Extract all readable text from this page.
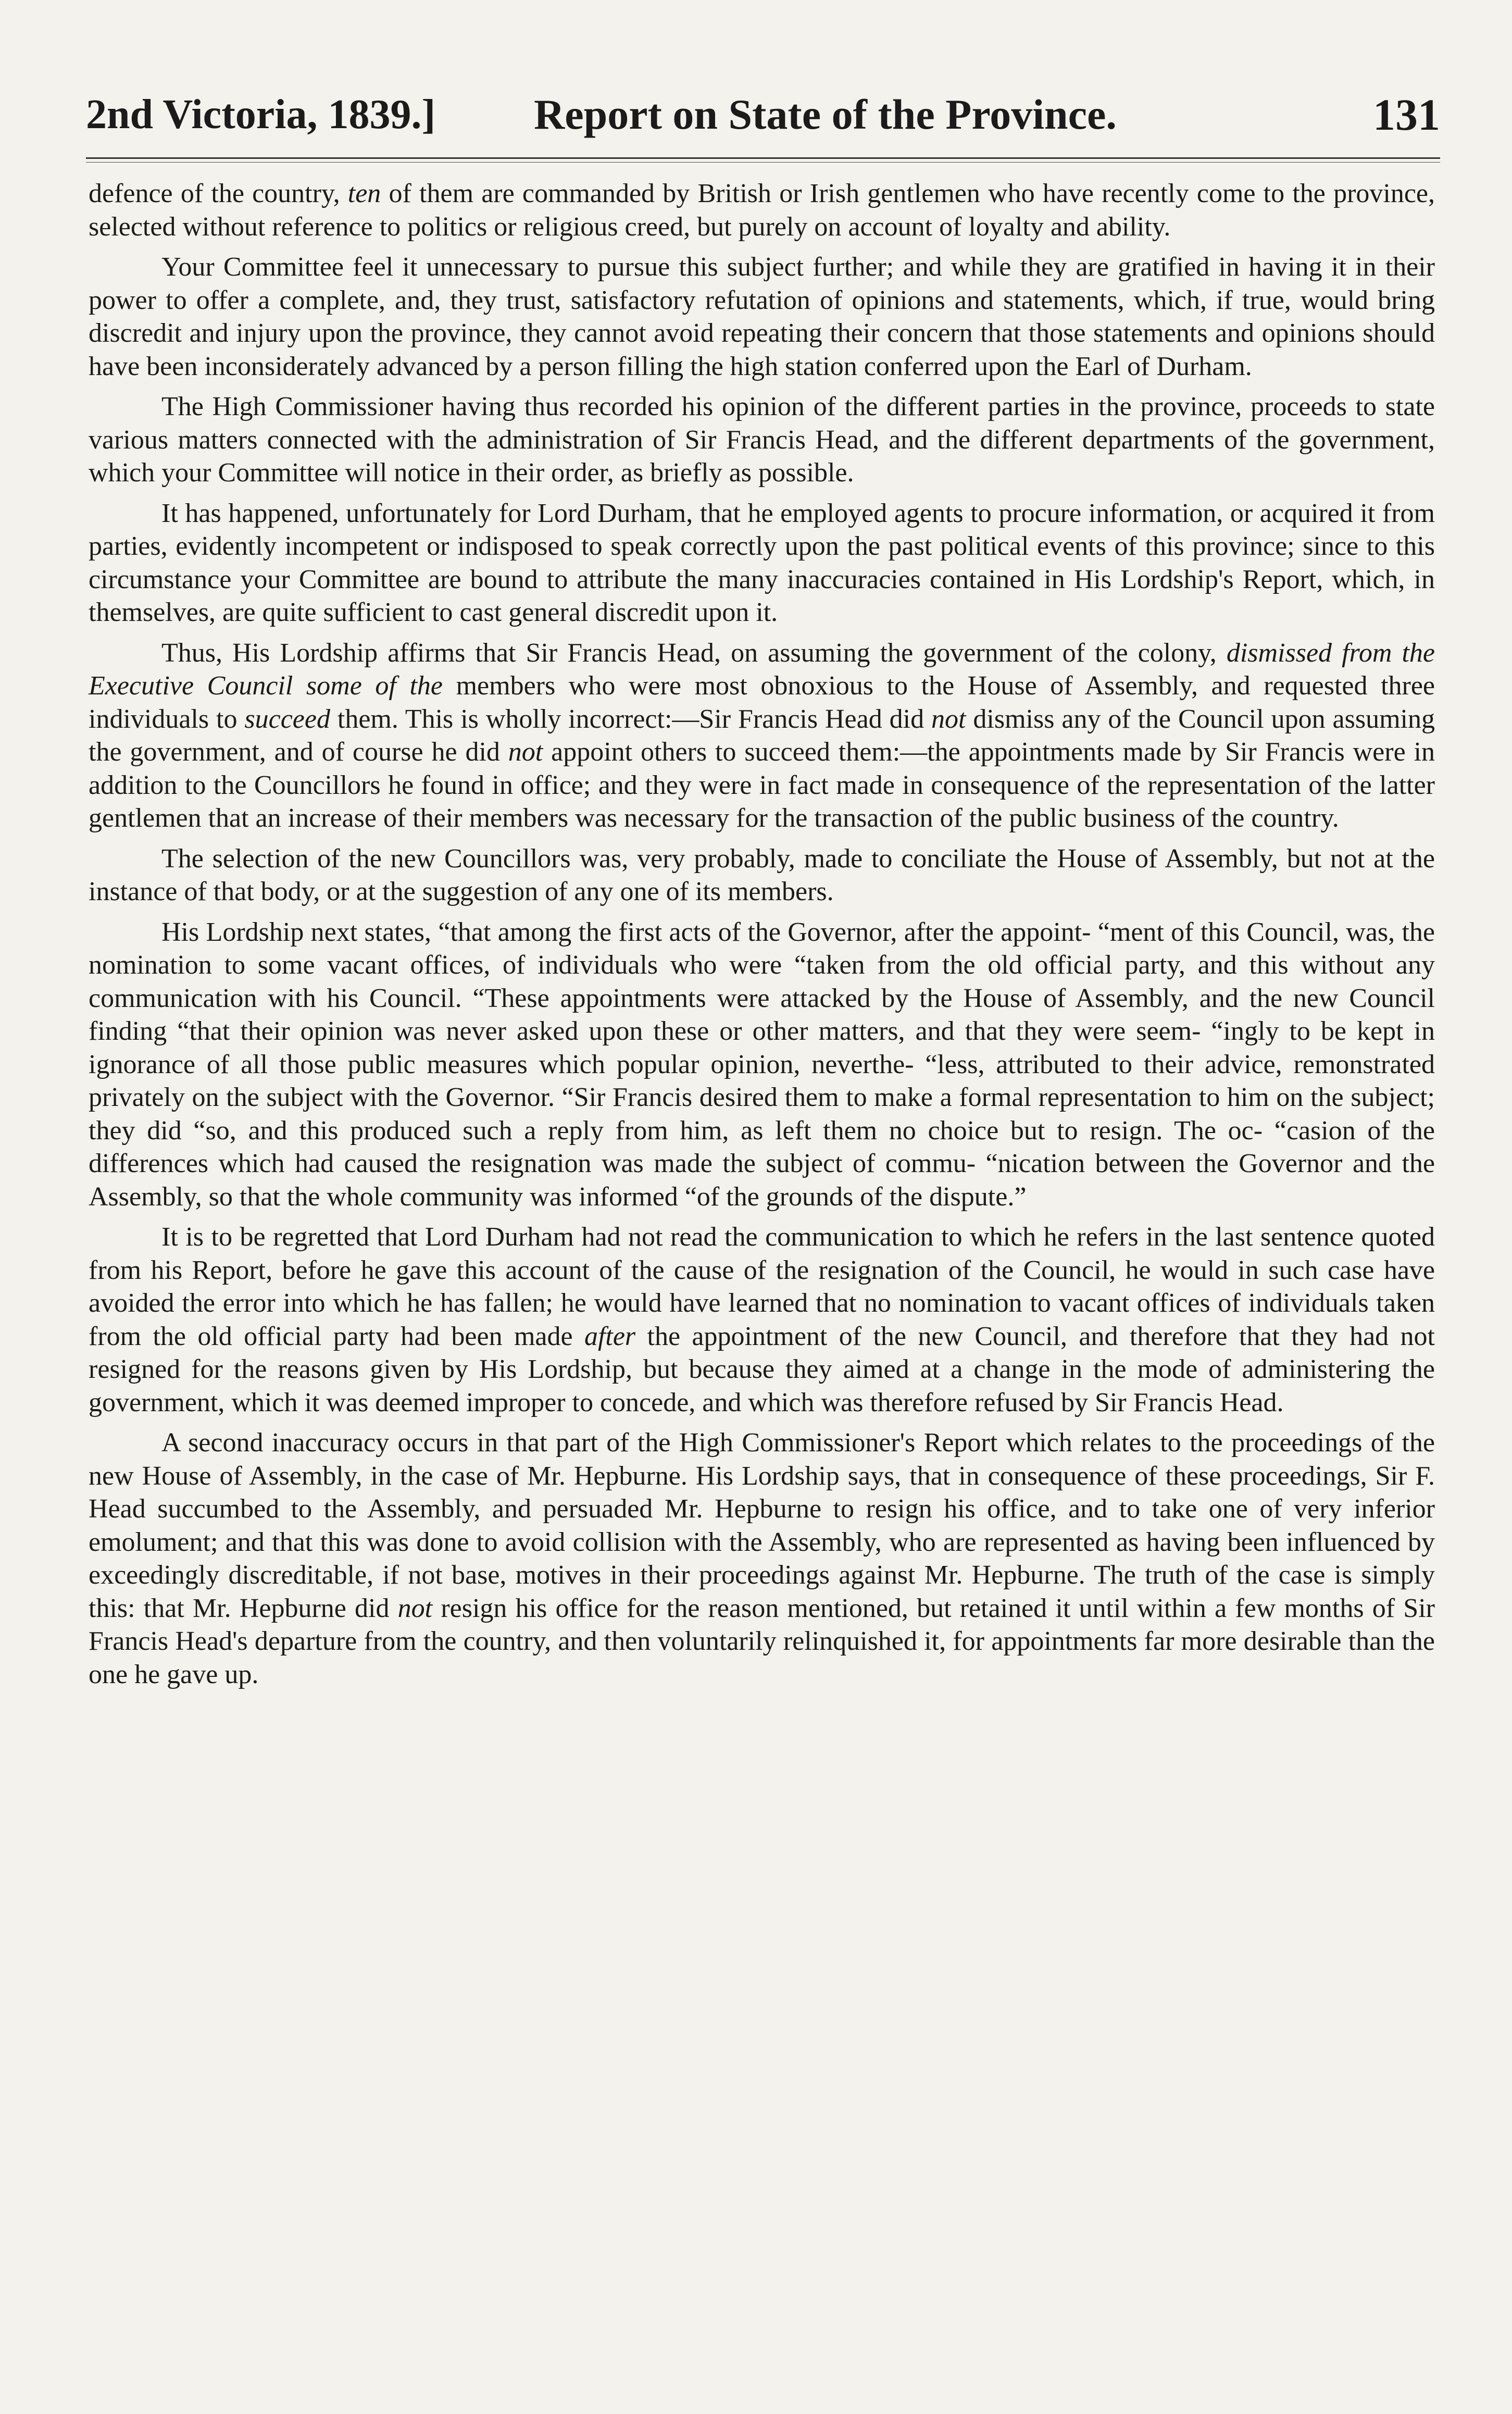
2nd Victoria, 1839.] Report on State of the Province.	131

defence of the country, ten of them are commanded by British or Irish gentlemen who have recently come to the province, selected without reference to politics or religious creed, but purely on account of loyalty and ability.

Your Committee feel it unnecessary to pursue this subject further; and while they are gratified in having it in their power to offer a complete, and, they trust, satisfactory refutation of opinions and statements, which, if true, would bring discredit and injury upon the province, they cannot avoid repeating their concern that those statements and opinions should have been inconsiderately advanced by a person filling the high station conferred upon the Earl of Durham.

The High Commissioner having thus recorded his opinion of the different parties in the province, proceeds to state various matters connected with the administration of Sir Francis Head, and the different departments of the government, which your Committee will notice in their order, as briefly as possible.

It has happened, unfortunately for Lord Durham, that he employed agents to procure information, or acquired it from parties, evidently incompetent or indisposed to speak correctly upon the past political events of this province; since to this circumstance your Committee are bound to attribute the many inaccuracies contained in His Lordship's Report, which, in themselves, are quite sufficient to cast general discredit upon it.

Thus, His Lordship affirms that Sir Francis Head, on assuming the government of the colony, dismissed from the Executive Council some of the members who were most obnoxious to the House of Assembly, and requested three individuals to succeed them. This is wholly incorrect:—Sir Francis Head did not dismiss any of the Council upon assuming the government, and of course he did not appoint others to succeed them:—the appointments made by Sir Francis were in addition to the Councillors he found in office; and they were in fact made in consequence of the representation of the latter gentlemen that an increase of their members was necessary for the transaction of the public business of the country.

The selection of the new Councillors was, very probably, made to conciliate the House of Assembly, but not at the instance of that body, or at the suggestion of any one of its members.

His Lordship next states, “that among the first acts of the Governor, after the appoint- “ment of this Council, was, the nomination to some vacant offices, of individuals who were “taken from the old official party, and this without any communication with his Council. “These appointments were attacked by the House of Assembly, and the new Council finding “that their opinion was never asked upon these or other matters, and that they were seem- “ingly to be kept in ignorance of all those public measures which popular opinion, neverthe- “less, attributed to their advice, remonstrated privately on the subject with the Governor. “Sir Francis desired them to make a formal representation to him on the subject; they did “so, and this produced such a reply from him, as left them no choice but to resign. The oc- “casion of the differences which had caused the resignation was made the subject of commu- “nication between the Governor and the Assembly, so that the whole community was informed “of the grounds of the dispute.”

It is to be regretted that Lord Durham had not read the communication to which he refers in the last sentence quoted from his Report, before he gave this account of the cause of the resignation of the Council, he would in such case have avoided the error into which he has fallen; he would have learned that no nomination to vacant offices of individuals taken from the old official party had been made after the appointment of the new Council, and therefore that they had not resigned for the reasons given by His Lordship, but because they aimed at a change in the mode of administering the government, which it was deemed improper to concede, and which was therefore refused by Sir Francis Head.

A second inaccuracy occurs in that part of the High Commissioner's Report which relates to the proceedings of the new House of Assembly, in the case of Mr. Hepburne. His Lordship says, that in consequence of these proceedings, Sir F. Head succumbed to the Assembly, and persuaded Mr. Hepburne to resign his office, and to take one of very inferior emolument; and that this was done to avoid collision with the Assembly, who are represented as having been influenced by exceedingly discreditable, if not base, motives in their proceedings against Mr. Hepburne. The truth of the case is simply this: that Mr. Hepburne did not resign his office for the reason mentioned, but retained it until within a few months of Sir Francis Head's departure from the country, and then voluntarily relinquished it, for appointments far more desirable than the one he gave up.
